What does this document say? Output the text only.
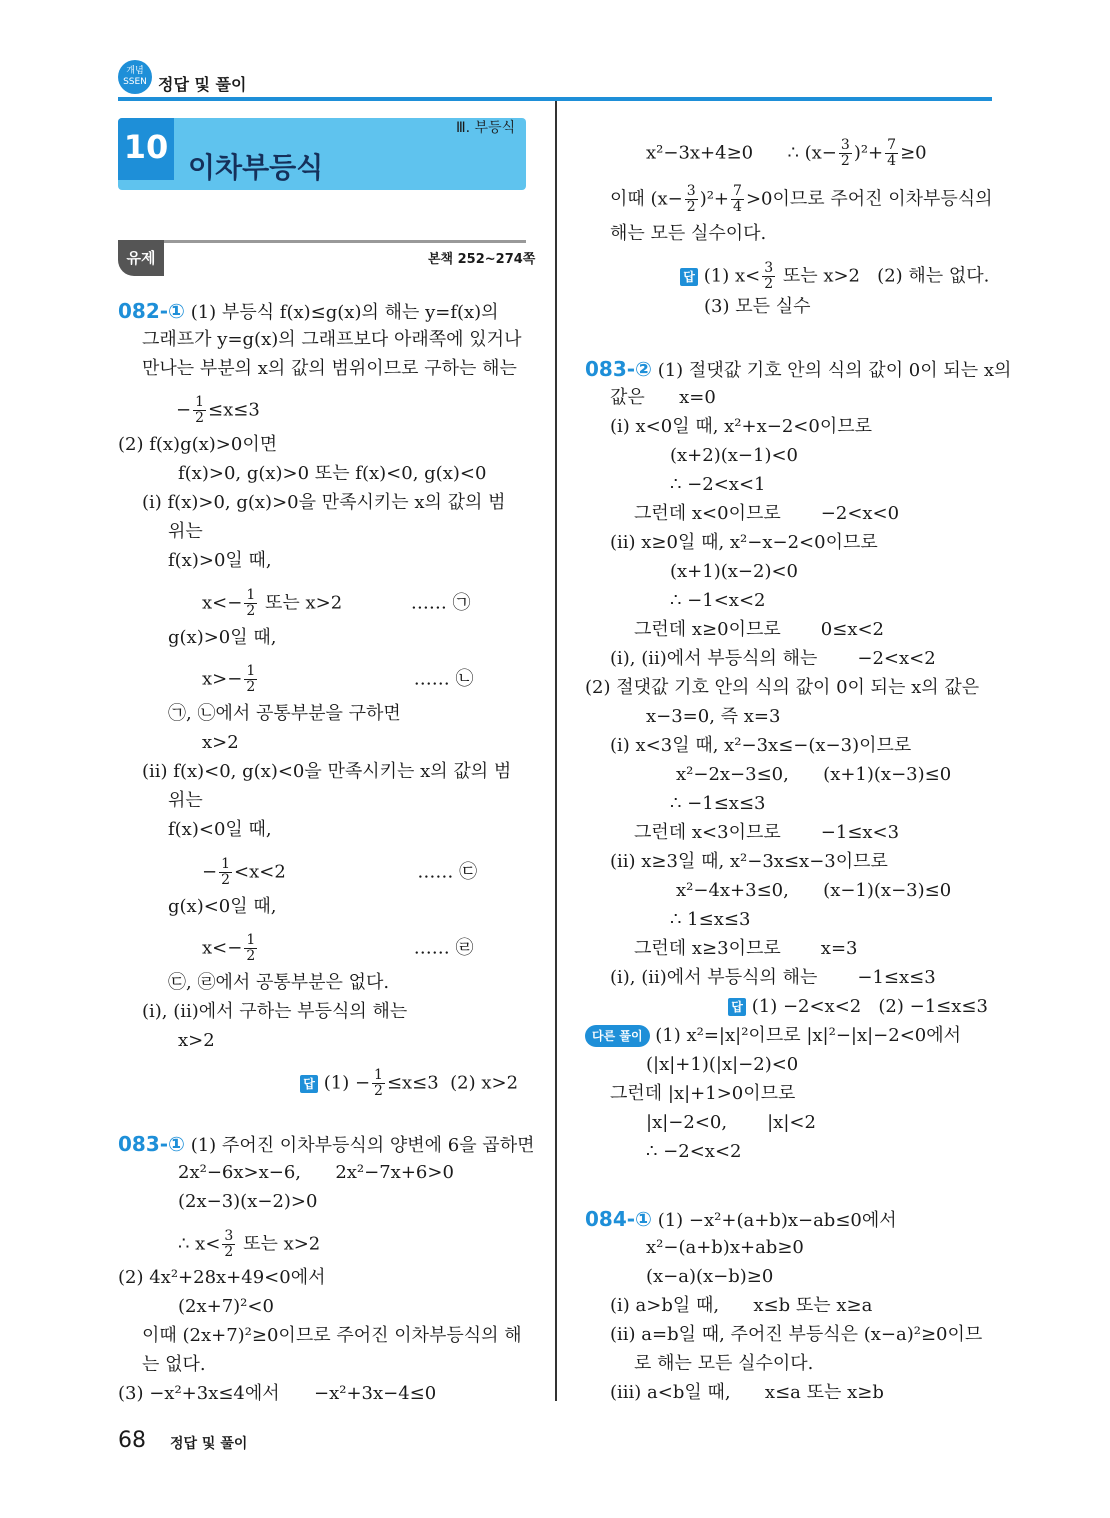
개념
SSEN 정답 및 풀이
10
이차부등식
Ⅲ. 부등식
유제	본책 252~274쪽
082-① (1) 부등식 f(x)≤g(x)의 해는 y=f(x)의
그래프가 y=g(x)의 그래프보다 아래쪽에 있거나
만나는 부분의 x의 값의 범위이므로 구하는 해는
− $\frac{1}{2} \le x\le 3$
(2) f(x)g(x)>0이면
f(x)>0, g(x)>0 또는 f(x)<0, g(x)<0
(ⅰ) f(x)>0, g(x)>0을 만족시키는 x의 값의 범
위는
f(x)>0일 때,
$x<- \frac{1}{2}$ 또는 x>2            …… ㉠
g(x)>0일 때,
$x>- \frac{1}{2}$ …… ㉡
㉠, ㉡에서 공통부분을 구하면
x>2
(ⅱ) f(x)<0, g(x)<0을 만족시키는 x의 값의 범
위는
f(x)<0일 때,
− $\frac{1}{2} <x<2$                       …… ㉢
g(x)<0일 때,
$x<- \frac{1}{2}$ …… ㉣
㉢, ㉣에서 공통부분은 없다.
(ⅰ), (ⅱ)에서 구하는 부등식의 해는
x>2
답 $(1) - \frac{1}{2} \le x\le 3$  (2) x>2
083-① (1) 주어진 이차부등식의 양변에 6을 곱하면
2x²−6x>x−6,      2x²−7x+6>0
(2x−3)(x−2)>0
∴ $x< \frac{3}{2}$ 또는 x>2
(2) 4x²+28x+49<0에서
(2x+7)²<0
이때 (2x+7)²≥0이므로 주어진 이차부등식의 해
는 없다.
(3) −x²+3x≤4에서      −x²+3x−4≤0
x²−3x+4≥0      ∴ $(x- \frac{3}{2} )^2+ \frac{7}{4} \ge 0$
이때 $(x- \frac{3}{2} )^2+ \frac{7}{4} >0$이므로 주어진 이차부등식의
해는 모든 실수이다.
답 (1) $x< \frac{3}{2}$ 또는 x>2   (2) 해는 없다.
(3) 모든 실수
083-② (1) 절댓값 기호 안의 식의 값이 0이 되는 x의
값은      x=0
(ⅰ) x<0일 때, x²+x−2<0이므로
(x+2)(x−1)<0
∴ −2<x<1
그런데 x<0이므로       −2<x<0
(ⅱ) x≥0일 때, x²−x−2<0이므로
(x+1)(x−2)<0
∴ −1<x<2
그런데 x≥0이므로       0≤x<2
(ⅰ), (ⅱ)에서 부등식의 해는       −2<x<2
(2) 절댓값 기호 안의 식의 값이 0이 되는 x의 값은
x−3=0, 즉 x=3
(ⅰ) x<3일 때, x²−3x≤−(x−3)이므로
x²−2x−3≤0,      (x+1)(x−3)≤0
∴ −1≤x≤3
그런데 x<3이므로       −1≤x<3
(ⅱ) x≥3일 때, x²−3x≤x−3이므로
x²−4x+3≤0,      (x−1)(x−3)≤0
∴ 1≤x≤3
그런데 x≥3이므로       x=3
(ⅰ), (ⅱ)에서 부등식의 해는       −1≤x≤3
답 (1) −2<x<2   (2) −1≤x≤3
다른 풀이 (1) x²=|x|²이므로 |x|²−|x|−2<0에서
(|x|+1)(|x|−2)<0
그런데 |x|+1>0이므로
|x|−2<0,       |x|<2
∴ −2<x<2
084-① (1) −x²+(a+b)x−ab≤0에서
x²−(a+b)x+ab≥0
(x−a)(x−b)≥0
(ⅰ) a>b일 때,      x≤b 또는 x≥a
(ⅱ) a=b일 때, 주어진 부등식은 (x−a)²≥0이므
로 해는 모든 실수이다.
(ⅲ) a<b일 때,      x≤a 또는 x≥b
68 정답 및 풀이
